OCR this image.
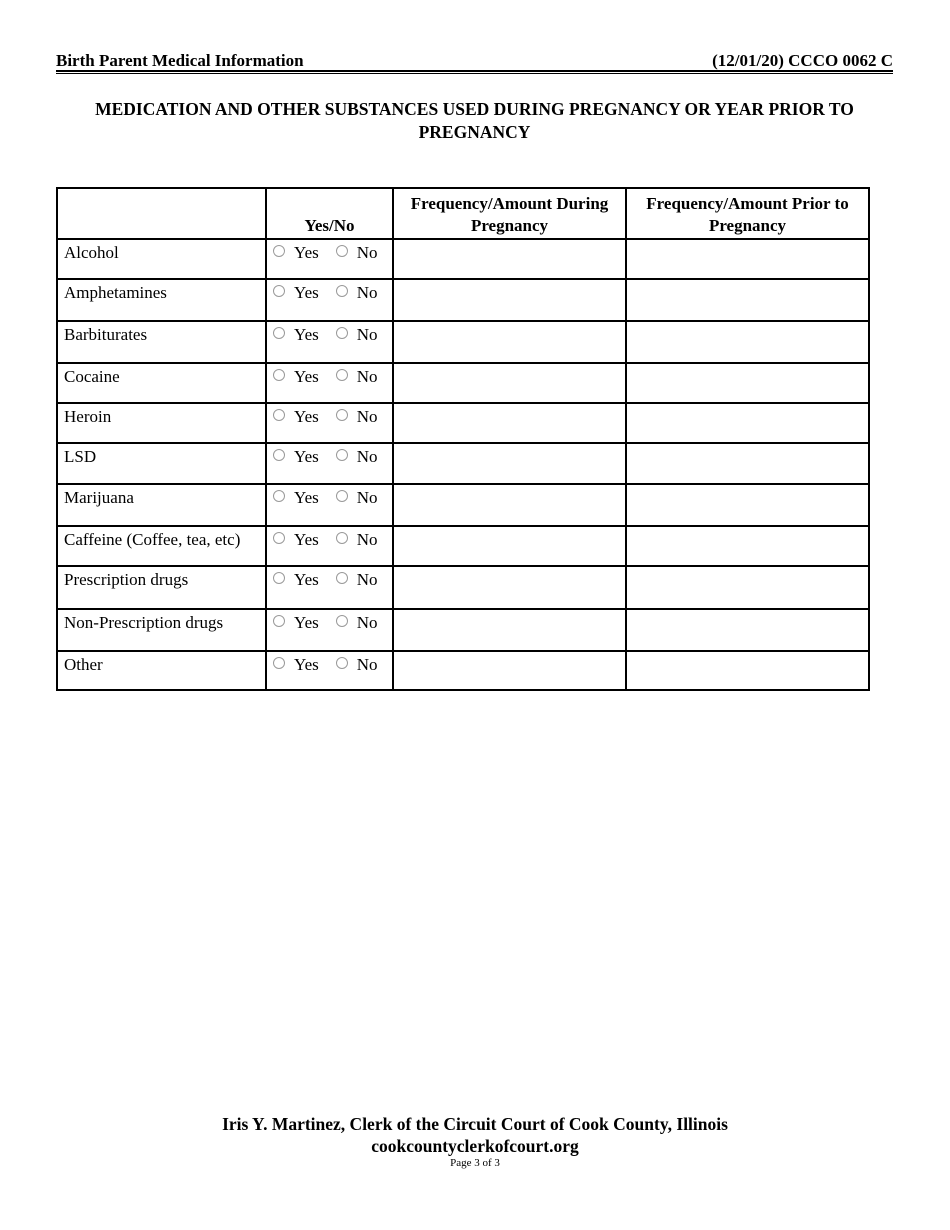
Birth Parent Medical Information	(12/01/20) CCCO 0062 C
MEDICATION AND OTHER SUBSTANCES USED DURING PREGNANCY OR YEAR PRIOR TO PREGNANCY
	Yes/No	Frequency/Amount During Pregnancy	Frequency/Amount Prior to Pregnancy
Alcohol	Yes No		
Amphetamines	Yes No		
Barbiturates	Yes No		
Cocaine	Yes No		
Heroin	Yes No		
LSD	Yes No		
Marijuana	Yes No		
Caffeine (Coffee, tea, etc)	Yes No		
Prescription drugs	Yes No		
Non-Prescription drugs	Yes No		
Other	Yes No		
Iris Y. Martinez, Clerk of the Circuit Court of Cook County, Illinois
cookcountyclerkofcourt.org
Page 3 of 3
